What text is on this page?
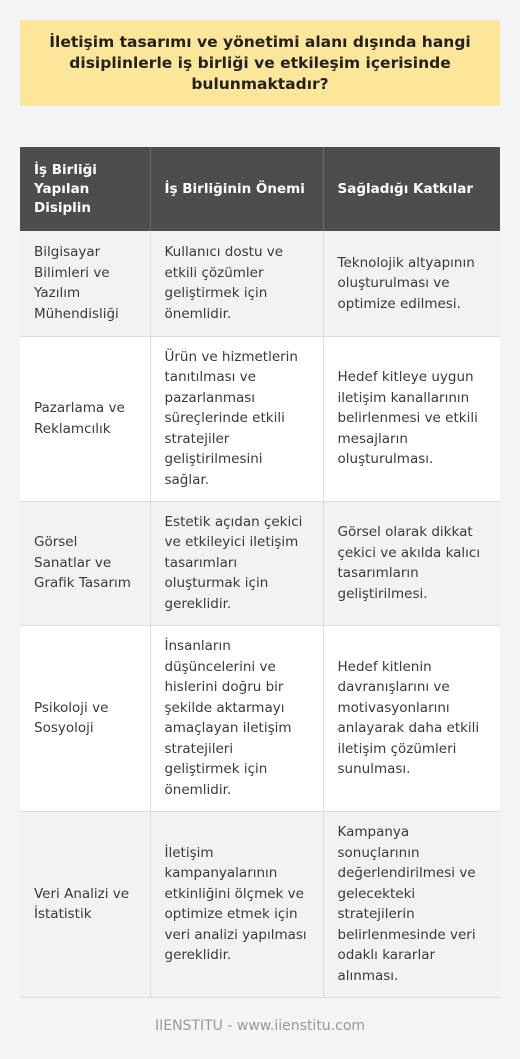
İletişim tasarımı ve yönetimi alanı dışında hangi disiplinlerle iş birliği ve etkileşim içerisinde bulunmaktadır?
İş Birliği Yapılan Disiplin	İş Birliğinin Önemi	Sağladığı Katkılar
Bilgisayar Bilimleri ve Yazılım Mühendisliği	Kullanıcı dostu ve etkili çözümler geliştirmek için önemlidir.	Teknolojik altyapının oluşturulması ve optimize edilmesi.
Pazarlama ve Reklamcılık	Ürün ve hizmetlerin tanıtılması ve pazarlanması süreçlerinde etkili stratejiler geliştirilmesini sağlar.	Hedef kitleye uygun iletişim kanallarının belirlenmesi ve etkili mesajların oluşturulması.
Görsel Sanatlar ve Grafik Tasarım	Estetik açıdan çekici ve etkileyici iletişim tasarımları oluşturmak için gereklidir.	Görsel olarak dikkat çekici ve akılda kalıcı tasarımların geliştirilmesi.
Psikoloji ve Sosyoloji	İnsanların düşüncelerini ve hislerini doğru bir şekilde aktarmayı amaçlayan iletişim stratejileri geliştirmek için önemlidir.	Hedef kitlenin davranışlarını ve motivasyonlarını anlayarak daha etkili iletişim çözümleri sunulması.
Veri Analizi ve İstatistik	İletişim kampanyalarının etkinliğini ölçmek ve optimize etmek için veri analizi yapılması gereklidir.	Kampanya sonuçlarının değerlendirilmesi ve gelecekteki stratejilerin belirlenmesinde veri odaklı kararlar alınması.
IIENSTITU - www.iienstitu.com
